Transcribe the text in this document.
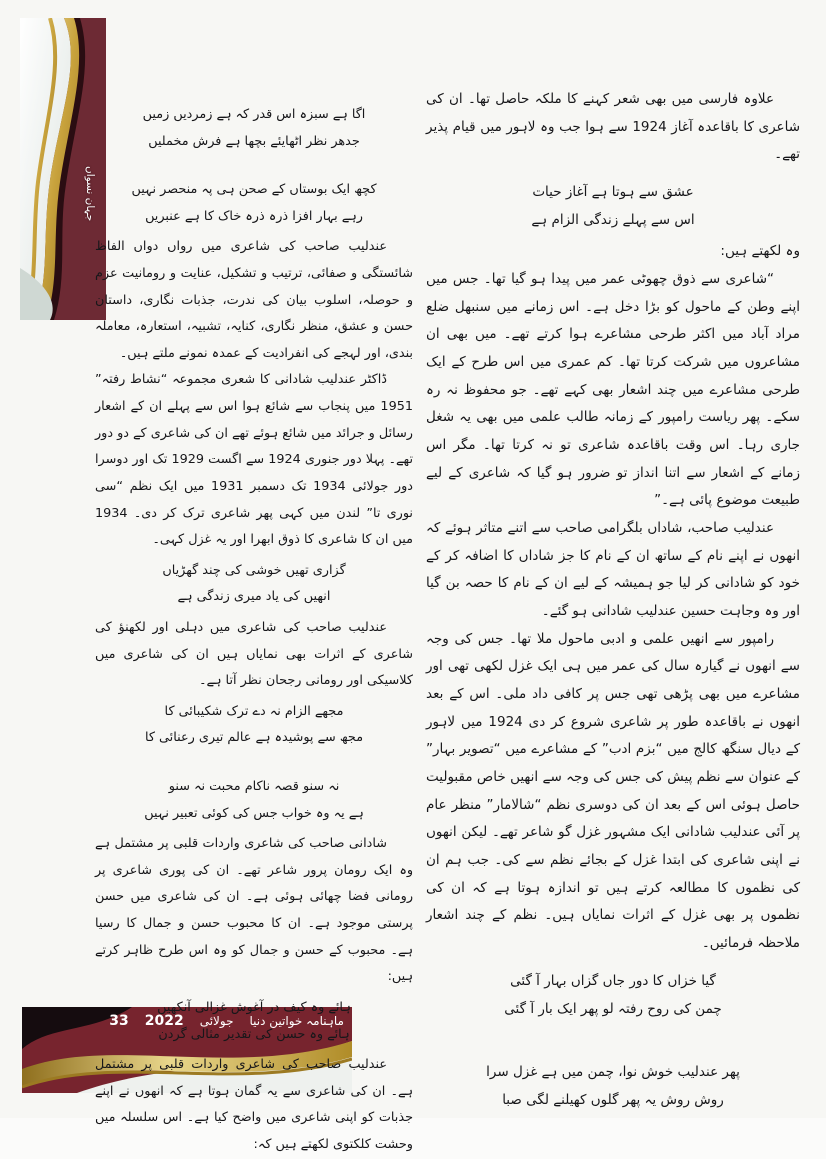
جہان نسواں
ماہنامہ خواتین دنیا
جولائی
2022
33

علاوہ فارسی میں بھی شعر کہنے کا ملکہ حاصل تھا۔ ان کی شاعری کا باقاعدہ آغاز 1924 سے ہوا جب وہ لاہور میں قیام پذیر تھے۔

عشق سے ہوتا ہے آغاز حیات
اس سے پہلے زندگی الزام ہے

وہ لکھتے ہیں:

“شاعری سے ذوق چھوٹی عمر میں پیدا ہو گیا تھا۔ جس میں اپنے وطن کے ماحول کو بڑا دخل ہے۔ اس زمانے میں سنبھل ضلع مراد آباد میں اکثر طرحی مشاعرے ہوا کرتے تھے۔ میں بھی ان مشاعروں میں شرکت کرتا تھا۔ کم عمری میں اس طرح کے ایک طرحی مشاعرے میں چند اشعار بھی کہے تھے۔ جو محفوظ نہ رہ سکے۔ پھر ریاست رامپور کے زمانہ طالب علمی میں بھی یہ شغل جاری رہا۔ اس وقت باقاعدہ شاعری تو نہ کرتا تھا۔ مگر اس زمانے کے اشعار سے اتنا انداز تو ضرور ہو گیا کہ شاعری کے لیے طبیعت موضوع پائی ہے۔”

عندلیب صاحب، شاداں بلگرامی صاحب سے اتنے متاثر ہوئے کہ انھوں نے اپنے نام کے ساتھ ان کے نام کا جز شاداں کا اضافہ کر کے خود کو شادانی کر لیا جو ہمیشہ کے لیے ان کے نام کا حصہ بن گیا اور وہ وجاہت حسین عندلیب شادانی ہو گئے۔

رامپور سے انھیں علمی و ادبی ماحول ملا تھا۔ جس کی وجہ سے انھوں نے گیارہ سال کی عمر میں ہی ایک غزل لکھی تھی اور مشاعرے میں بھی پڑھی تھی جس پر کافی داد ملی۔ اس کے بعد انھوں نے باقاعدہ طور پر شاعری شروع کر دی 1924 میں لاہور کے دیال سنگھ کالج میں “بزم ادب” کے مشاعرے میں “تصویر بہار” کے عنوان سے نظم پیش کی جس کی وجہ سے انھیں خاص مقبولیت حاصل ہوئی اس کے بعد ان کی دوسری نظم “شالامار” منظر عام پر آئی عندلیب شادانی ایک مشہور غزل گو شاعر تھے۔ لیکن انھوں نے اپنی شاعری کی ابتدا غزل کے بجائے نظم سے کی۔ جب ہم ان کی نظموں کا مطالعہ کرتے ہیں تو اندازہ ہوتا ہے کہ ان کی نظموں پر بھی غزل کے اثرات نمایاں ہیں۔ نظم کے چند اشعار ملاحظہ فرمائیں۔

گیا خزاں کا دور جاں گزاں بہار آ گئی
چمن کی روح رفتہ لو پھر ایک بار آ گئی
پھر عندلیب خوش نوا، چمن میں ہے غزل سرا
روش روش یہ پھر گلوں کھیلنے لگی صبا
اگا ہے سبزہ اس قدر کہ ہے زمردیں زمیں
جدھر نظر اٹھایئے بچھا ہے فرش مخملیں
کچھ ایک بوستاں کے صحن ہی پہ منحصر نہیں
رہے بہار افزا ذرہ ذرہ خاک کا ہے عنبریں

عندلیب صاحب کی شاعری میں رواں دواں الفاظ شائستگی و صفائی، ترتیب و تشکیل، عنایت و رومانیت عزم و حوصلہ، اسلوب بیان کی ندرت، جذبات نگاری، داستان حسن و عشق، منظر نگاری، کنایہ، تشبیہ، استعارہ، معاملہ بندی، اور لہجے کی انفرادیت کے عمدہ نمونے ملتے ہیں۔

ڈاکٹر عندلیب شادانی کا شعری مجموعہ “نشاط رفتہ” 1951 میں پنجاب سے شائع ہوا اس سے پہلے ان کے اشعار رسائل و جرائد میں شائع ہوئے تھے ان کی شاعری کے دو دور تھے۔ پہلا دور جنوری 1924 سے اگست 1929 تک اور دوسرا دور جولائی 1934 تک دسمبر 1931 میں ایک نظم “سی نوری تا” لندن میں کہی پھر شاعری ترک کر دی۔ 1934 میں ان کا شاعری کا ذوق ابھرا اور یہ غزل کہی۔

گزاری تھیں خوشی کی چند گھڑیاں
انھیں کی یاد میری زندگی ہے

عندلیب صاحب کی شاعری میں دہلی اور لکھنؤ کی شاعری کے اثرات بھی نمایاں ہیں ان کی شاعری میں کلاسیکی اور رومانی رجحان نظر آتا ہے۔

مجھے الزام نہ دے ترک شکیبائی کا
مجھ سے پوشیدہ ہے عالم تیری رعنائی کا
نہ سنو قصہ ناکام محبت نہ سنو
ہے یہ وہ خواب جس کی کوئی تعبیر نہیں

شادانی صاحب کی شاعری واردات قلبی پر مشتمل ہے وہ ایک رومان پرور شاعر تھے۔ ان کی پوری شاعری پر رومانی فضا چھائی ہوئی ہے۔ ان کی شاعری میں حسن پرستی موجود ہے۔ ان کا محبوب حسن و جمال کا رسیا ہے۔ محبوب کے حسن و جمال کو وہ اس طرح ظاہر کرتے ہیں:

ہائے وہ کیف در آغوش غزالی آنکھیں
ہائے وہ حسن کی تقدیر مثالی گردن

عندلیب صاحب کی شاعری واردات قلبی پر مشتمل ہے۔ ان کی شاعری سے یہ گمان ہوتا ہے کہ انھوں نے اپنے جذبات کو اپنی شاعری میں واضح کیا ہے۔ اس سلسلہ میں وحشت کلکتوی لکھتے ہیں کہ:
